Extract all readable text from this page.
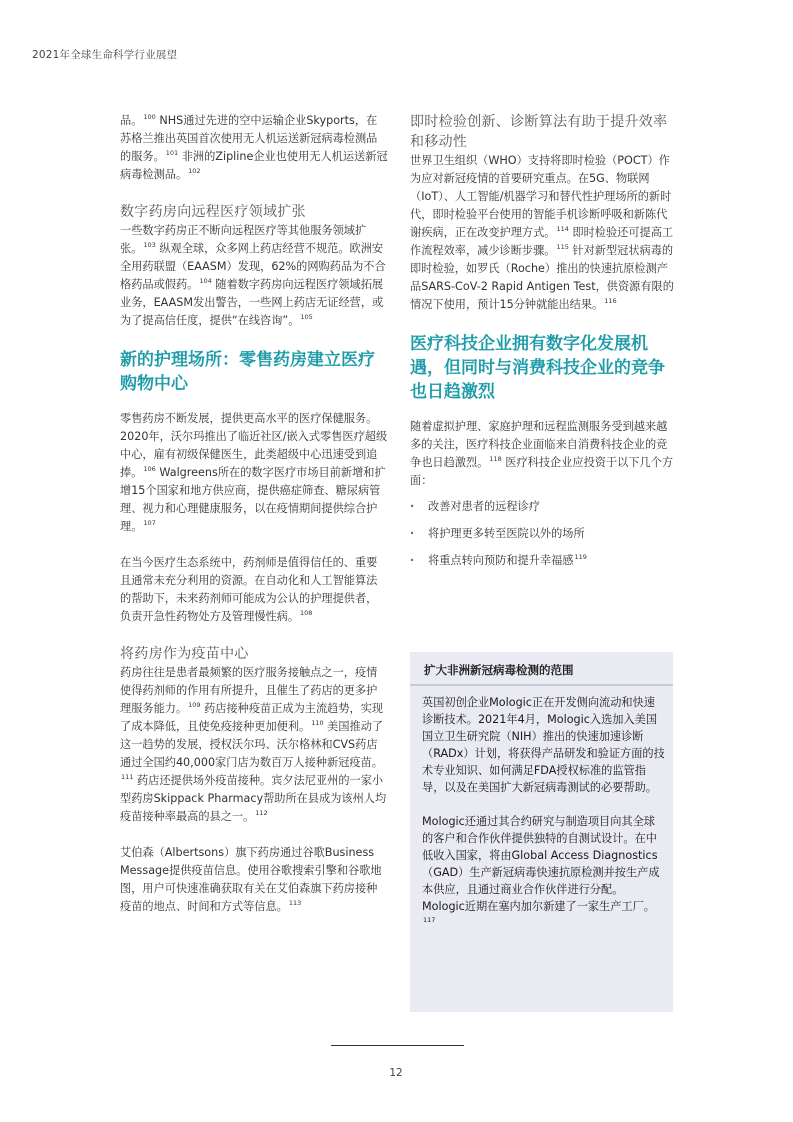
2021年全球生命科学行业展望

品。$^{100}$ NHS通过先进的空中运输企业Skyports，在苏格兰推出英国首次使用无人机运送新冠病毒检测品的服务。$^{101}$ 非洲的Zipline企业也使用无人机运送新冠病毒检测品。$^{102}$

数字药房向远程医疗领域扩张

一些数字药房正不断向远程医疗等其他服务领域扩张。$^{103}$ 纵观全球，众多网上药店经营不规范。欧洲安全用药联盟（EAASM）发现，62%的网购药品为不合格药品或假药。$^{104}$ 随着数字药房向远程医疗领域拓展业务，EAASM发出警告，一些网上药店无证经营，或为了提高信任度，提供“在线咨询”。$^{105}$

新的护理场所：零售药房建立医疗购物中心

零售药房不断发展，提供更高水平的医疗保健服务。2020年，沃尔玛推出了临近社区/嵌入式零售医疗超级中心，雇有初级保健医生，此类超级中心迅速受到追捧。$^{106}$ Walgreens所在的数字医疗市场目前新增和扩增15个国家和地方供应商，提供癌症筛查、糖尿病管理、视力和心理健康服务，以在疫情期间提供综合护理。$^{107}$

在当今医疗生态系统中，药剂师是值得信任的、重要且通常未充分利用的资源。在自动化和人工智能算法的帮助下，未来药剂师可能成为公认的护理提供者，负责开急性药物处方及管理慢性病。$^{108}$

将药房作为疫苗中心

药房往往是患者最频繁的医疗服务接触点之一，疫情使得药剂师的作用有所提升，且催生了药店的更多护理服务能力。$^{109}$ 药店接种疫苗正成为主流趋势，实现了成本降低，且使免疫接种更加便利。$^{110}$ 美国推动了这一趋势的发展，授权沃尔玛、沃尔格林和CVS药店通过全国约40,000家门店为数百万人接种新冠疫苗。$^{111}$ 药店还提供场外疫苗接种。宾夕法尼亚州的一家小型药房Skippack Pharmacy帮助所在县成为该州人均疫苗接种率最高的县之一。$^{112}$

艾伯森（Albertsons）旗下药房通过谷歌Business Message提供疫苗信息。使用谷歌搜索引擎和谷歌地图，用户可快速准确获取有关在艾伯森旗下药房接种疫苗的地点、时间和方式等信息。$^{113}$

即时检验创新、诊断算法有助于提升效率和移动性

世界卫生组织（WHO）支持将即时检验（POCT）作为应对新冠疫情的首要研究重点。在5G、物联网（IoT）、人工智能/机器学习和替代性护理场所的新时代，即时检验平台使用的智能手机诊断呼吸和新陈代谢疾病，正在改变护理方式。$^{114}$ 即时检验还可提高工作流程效率，减少诊断步骤。$^{115}$ 针对新型冠状病毒的即时检验，如罗氏（Roche）推出的快速抗原检测产品SARS-CoV-2 Rapid Antigen Test，供资源有限的情况下使用，预计15分钟就能出结果。$^{116}$

医疗科技企业拥有数字化发展机遇，但同时与消费科技企业的竞争也日趋激烈

随着虚拟护理、家庭护理和远程监测服务受到越来越多的关注，医疗科技企业面临来自消费科技企业的竞争也日趋激烈。$^{118}$ 医疗科技企业应投资于以下几个方面：

· 改善对患者的远程诊疗
· 将护理更多转至医院以外的场所
· 将重点转向预防和提升幸福感$^{119}$
扩大非洲新冠病毒检测的范围

英国初创企业Mologic正在开发侧向流动和快速诊断技术。2021年4月，Mologic入选加入美国国立卫生研究院（NIH）推出的快速加速诊断（RADx）计划，将获得产品研发和验证方面的技术专业知识、如何满足FDA授权标准的监管指导，以及在美国扩大新冠病毒测试的必要帮助。

Mologic还通过其合约研究与制造项目向其全球的客户和合作伙伴提供独特的自测试设计。在中低收入国家，将由Global Access Diagnostics（GAD）生产新冠病毒快速抗原检测并按生产成本供应，且通过商业合作伙伴进行分配。Mologic近期在塞内加尔新建了一家生产工厂。$^{117}$

12
